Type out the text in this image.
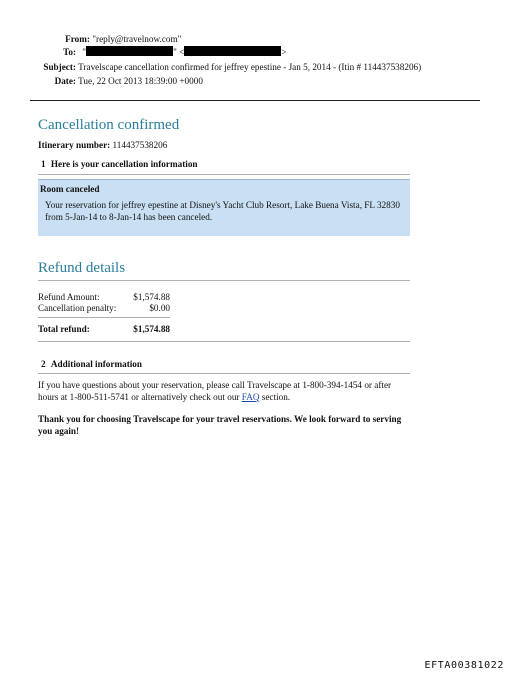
From: "reply@travelnow.com"
To: "	" <	>
Subject: Travelscape cancellation confirmed for jeffrey epestine - Jan 5, 2014 - (Itin # 114437538206)
Date: Tue, 22 Oct 2013 18:39:00 +0000
Cancellation confirmed
Itinerary number: 114437538206
1 Here is your cancellation information
Room canceled
Your reservation for jeffrey epestine at Disney's Yacht Club Resort, Lake Buena Vista, FL 32830 from 5-Jan-14 to 8-Jan-14 has been canceled.
Refund details
Refund Amount:	$1,574.88
Cancellation penalty:	$0.00
Total refund:	$1,574.88
2 Additional information
If you have questions about your reservation, please call Travelscape at 1-800-394-1454 or after hours at 1-800-511-5741 or alternatively check out our FAQ section.
Thank you for choosing Travelscape for your travel reservations. We look forward to serving you again!
EFTA00381022
